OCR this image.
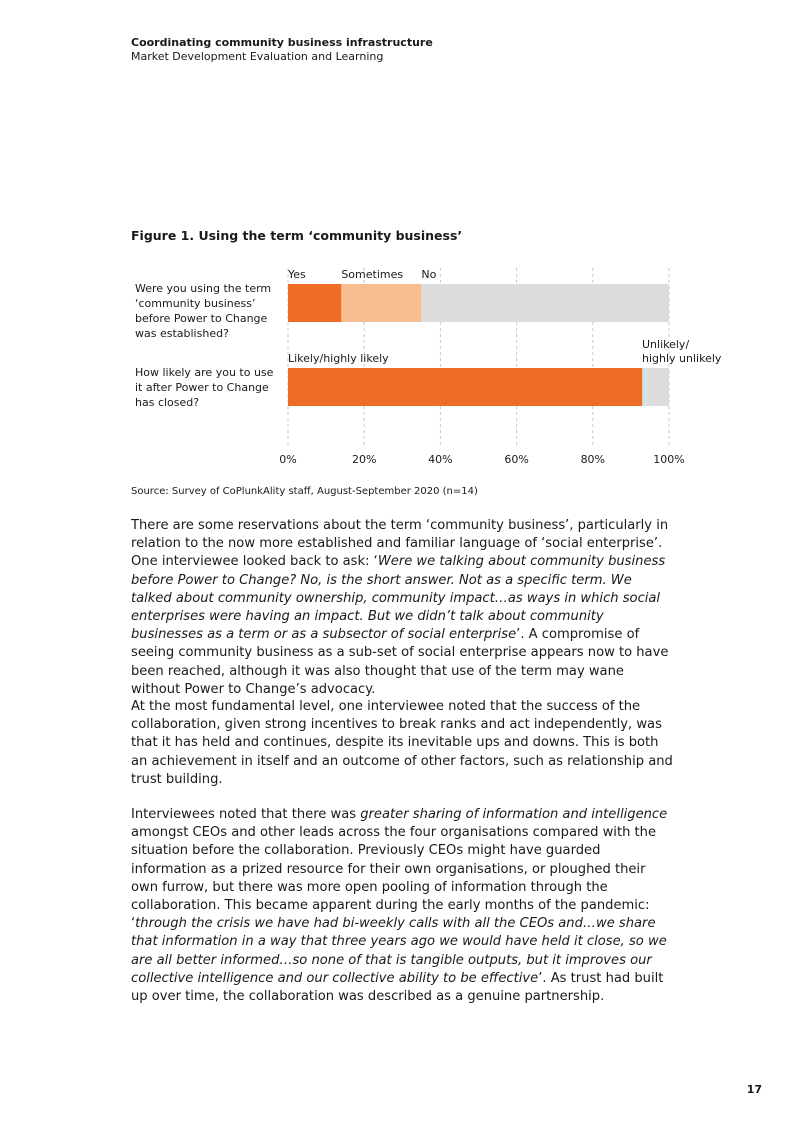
Coordinating community business infrastructure
Market Development Evaluation and Learning
Figure 1. Using the term ‘community business’
0%	20%	40%	60%	80%	100%
Yes	Sometimes No
Likely/highly likely
Unlikely/
highly unlikely
Were you using the term
‘community business’
before Power to Change
was established?
How likely are you to use
it after Power to Change
has closed?
Source: Survey of CoPlunkAlity staff, August-September 2020 (n=14)

There are some reservations about the term ‘community business’, particularly in relation to the now more established and familiar language of ‘social enterprise’. One interviewee looked back to ask: ‘Were we talking about community business before Power to Change? No, is the short answer. Not as a specific term. We talked about community ownership, community impact…as ways in which social enterprises were having an impact. But we didn’t talk about community businesses as a term or as a subsector of social enterprise’. A compromise of seeing community business as a sub-set of social enterprise appears now to have been reached, although it was also thought that use of the term may wane without Power to Change’s advocacy.

At the most fundamental level, one interviewee noted that the success of the collaboration, given strong incentives to break ranks and act independently, was that it has held and continues, despite its inevitable ups and downs. This is both an achievement in itself and an outcome of other factors, such as relationship and trust building.

Interviewees noted that there was greater sharing of information and intelligence amongst CEOs and other leads across the four organisations compared with the situation before the collaboration. Previously CEOs might have guarded information as a prized resource for their own organisations, or ploughed their own furrow, but there was more open pooling of information through the collaboration. This became apparent during the early months of the pandemic: ‘through the crisis we have had bi-weekly calls with all the CEOs and…we share that information in a way that three years ago we would have held it close, so we are all better informed…so none of that is tangible outputs, but it improves our collective intelligence and our collective ability to be effective’. As trust had built up over time, the collaboration was described as a genuine partnership.

17
